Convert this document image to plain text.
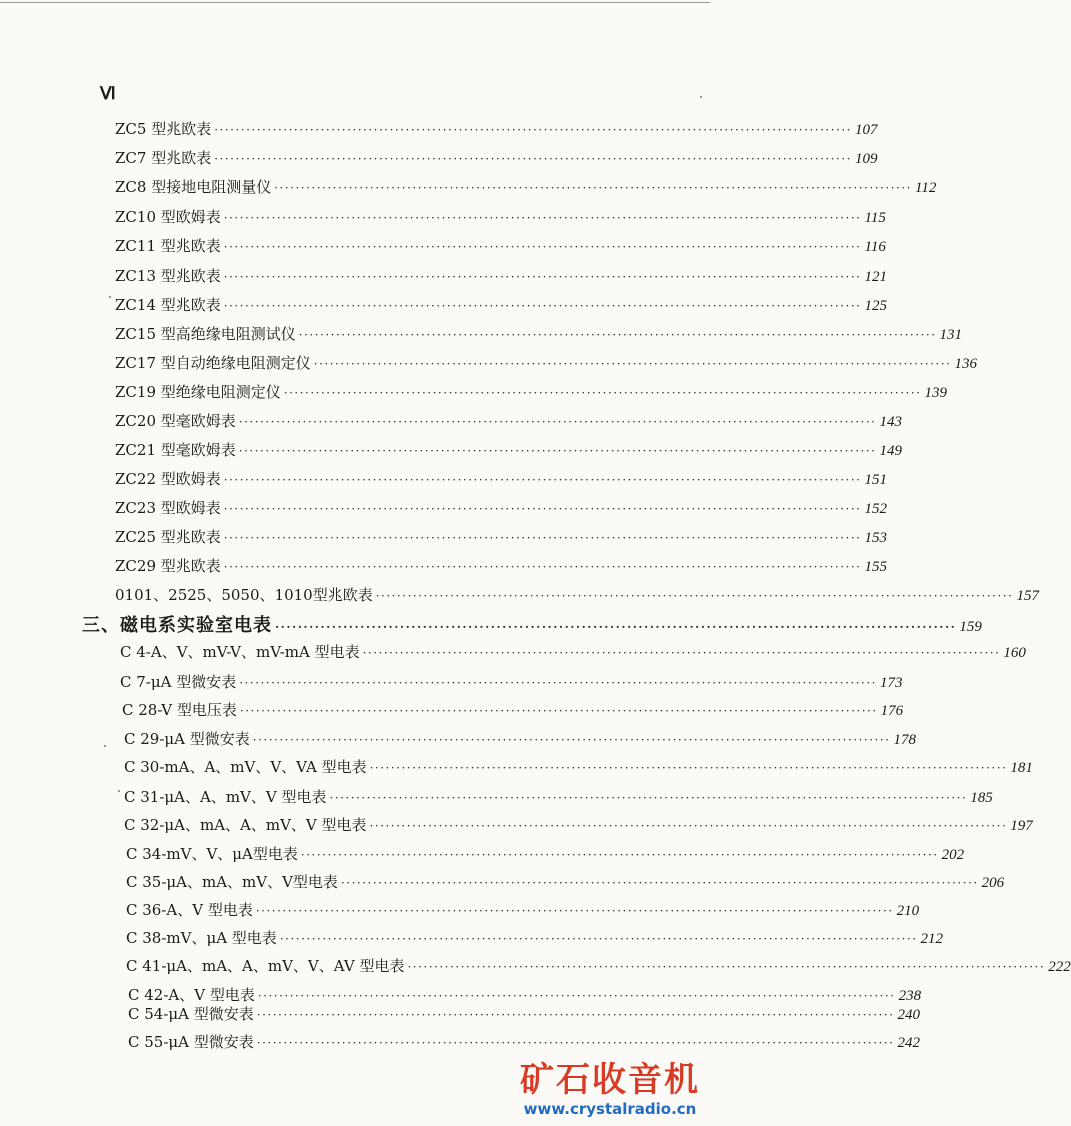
Ⅵ
ZC5 型兆欧表 ························································································································ 107
ZC7 型兆欧表 ························································································································ 109
ZC8 型接地电阻测量仪 ························································································································ 112
ZC10 型欧姆表 ························································································································ 115
ZC11 型兆欧表 ························································································································ 116
ZC13 型兆欧表 ························································································································ 121
ZC14 型兆欧表 ························································································································ 125
ZC15 型高绝缘电阻测试仪 ························································································································ 131
ZC17 型自动绝缘电阻测定仪 ························································································································ 136
ZC19 型绝缘电阻测定仪 ························································································································ 139
ZC20 型毫欧姆表 ························································································································ 143
ZC21 型毫欧姆表 ························································································································ 149
ZC22 型欧姆表 ························································································································ 151
ZC23 型欧姆表 ························································································································ 152
ZC25 型兆欧表 ························································································································ 153
ZC29 型兆欧表 ························································································································ 155
0101、2525、5050、1010型兆欧表 ························································································································ 157
三、磁电系实验室电表 ························································································································ 159
C 4-A、V、mV-V、mV-mA 型电表 ························································································································ 160
C 7-μA 型微安表 ························································································································ 173
C 28-V 型电压表 ························································································································ 176
C 29-μA 型微安表 ························································································································ 178
C 30-mA、A、mV、V、VA 型电表 ························································································································ 181
C 31-μA、A、mV、V 型电表 ························································································································ 185
C 32-μA、mA、A、mV、V 型电表 ························································································································ 197
C 34-mV、V、μA型电表 ························································································································ 202
C 35-μA、mA、mV、V型电表 ························································································································ 206
C 36-A、V 型电表 ························································································································ 210
C 38-mV、μA 型电表 ························································································································ 212
C 41-μA、mA、A、mV、V、AV 型电表 ························································································································ 222
C 42-A、V 型电表 ························································································································ 238
C 54-μA 型微安表 ························································································································ 240
C 55-μA 型微安表 ························································································································ 242
矿石收音机
www.crystalradio.cn
